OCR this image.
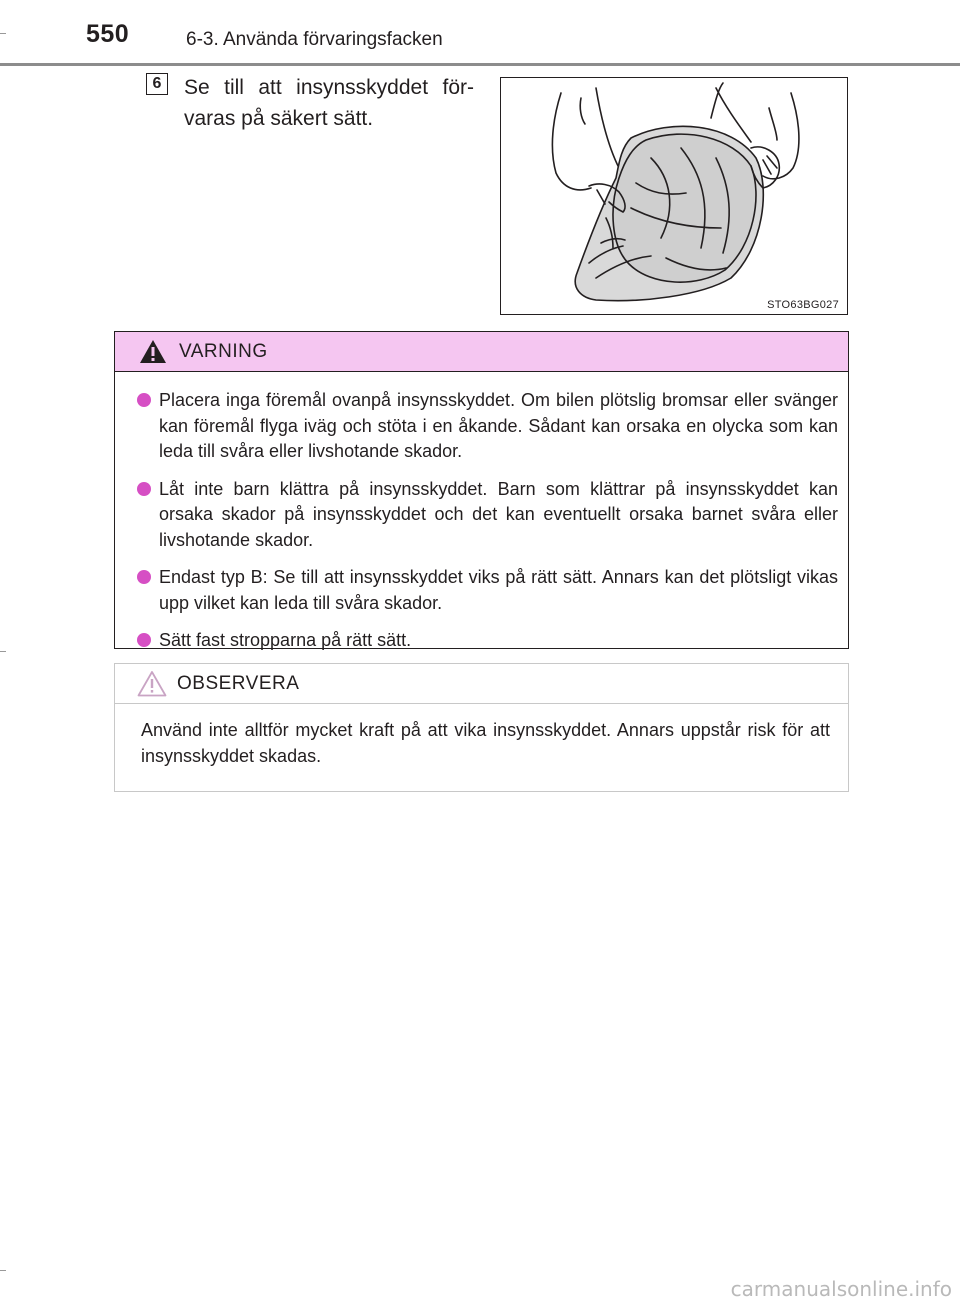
550	6-3. Använda förvaringsfacken
6	Se till att insynsskyddet för-varas på säkert sätt.
STO63BG027
VARNING
Placera inga föremål ovanpå insynsskyddet. Om bilen plötslig bromsar eller svänger kan föremål flyga iväg och stöta i en åkande. Sådant kan orsaka en olycka som kan leda till svåra eller livshotande skador.
Låt inte barn klättra på insynsskyddet. Barn som klättrar på insynsskyddet kan orsaka skador på insynsskyddet och det kan eventuellt orsaka barnet svåra eller livshotande skador.
Endast typ B: Se till att insynsskyddet viks på rätt sätt. Annars kan det plötsligt vikas upp vilket kan leda till svåra skador.
Sätt fast stropparna på rätt sätt.
OBSERVERA
Använd inte alltför mycket kraft på att vika insynsskyddet. Annars uppstår risk för att insynsskyddet skadas.
carmanualsonline.info
